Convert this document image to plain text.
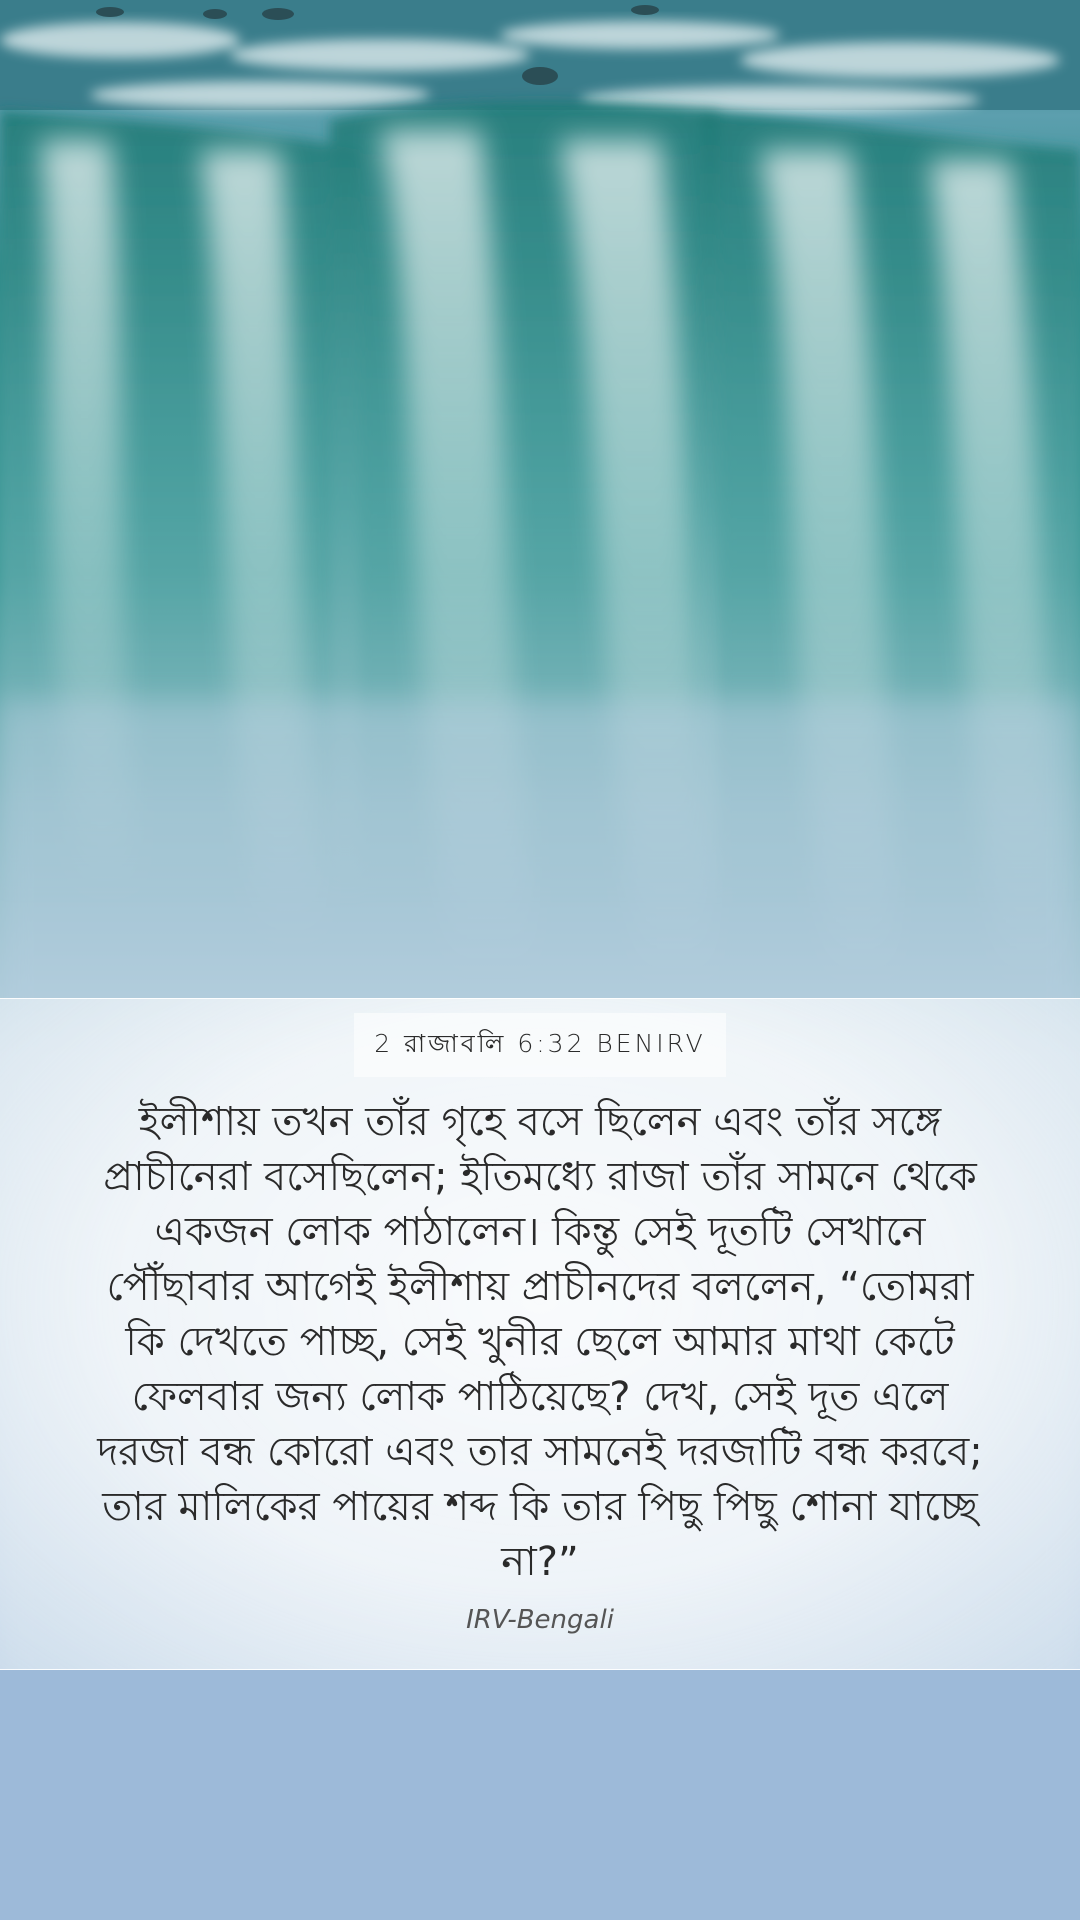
2 রাজাবলি 6:32 BENIRV
ইলীশায় তখন তাঁর গৃহে বসে ছিলেন এবং তাঁর সঙ্গে প্রাচীনেরা বসেছিলেন; ইতিমধ্যে রাজা তাঁর সামনে থেকে একজন লোক পাঠালেন। কিন্তু সেই দূতটি সেখানে পৌঁছাবার আগেই ইলীশায় প্রাচীনদের বললেন, “তোমরা কি দেখতে পাচ্ছ, সেই খুনীর ছেলে আমার মাথা কেটে ফেলবার জন্য লোক পাঠিয়েছে? দেখ, সেই দূত এলে দরজা বন্ধ কোরো এবং তার সামনেই দরজাটি বন্ধ করবে; তার মালিকের পায়ের শব্দ কি তার পিছু পিছু শোনা যাচ্ছে না?”
IRV-Bengali
